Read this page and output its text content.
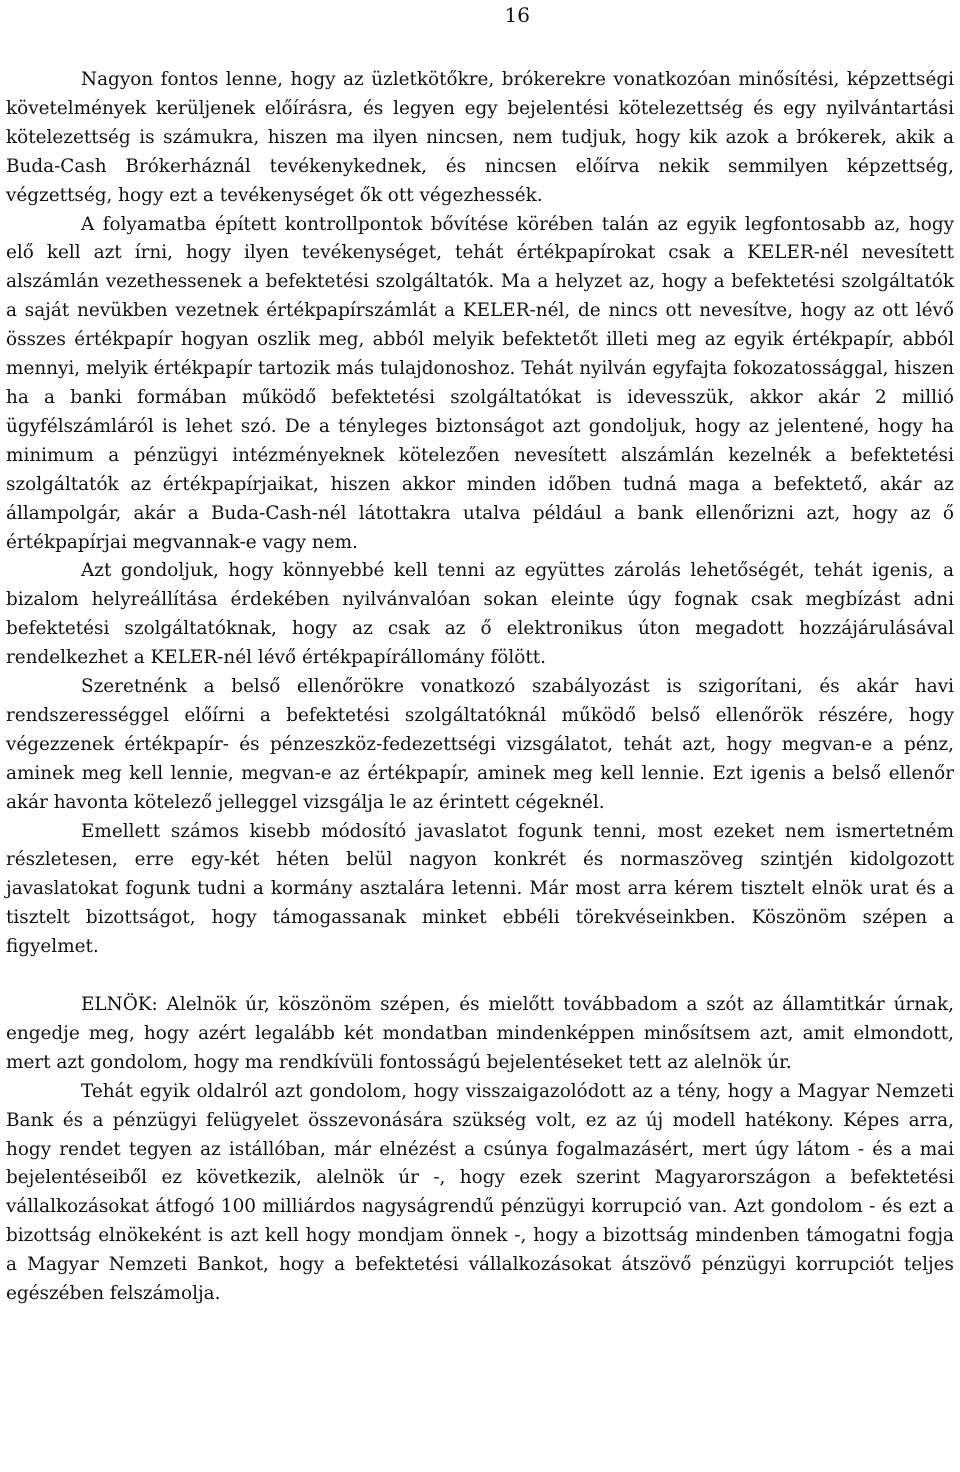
16

Nagyon fontos lenne, hogy az üzletkötőkre, brókerekre vonatkozóan minősítési, képzettségi követelmények kerüljenek előírásra, és legyen egy bejelentési kötelezettség és egy nyilvántartási kötelezettség is számukra, hiszen ma ilyen nincsen, nem tudjuk, hogy kik azok a brókerek, akik a Buda-Cash Brókerháznál tevékenykednek, és nincsen előírva nekik semmilyen képzettség, végzettség, hogy ezt a tevékenységet ők ott végezhessék.

A folyamatba épített kontrollpontok bővítése körében talán az egyik legfontosabb az, hogy elő kell azt írni, hogy ilyen tevékenységet, tehát értékpapírokat csak a KELER-nél nevesített alszámlán vezethessenek a befektetési szolgáltatók. Ma a helyzet az, hogy a befektetési szolgáltatók a saját nevükben vezetnek értékpapírszámlát a KELER-nél, de nincs ott nevesítve, hogy az ott lévő összes értékpapír hogyan oszlik meg, abból melyik befektetőt illeti meg az egyik értékpapír, abból mennyi, melyik értékpapír tartozik más tulajdonoshoz. Tehát nyilván egyfajta fokozatossággal, hiszen ha a banki formában működő befektetési szolgáltatókat is idevesszük, akkor akár 2 millió ügyfélszámláról is lehet szó. De a tényleges biztonságot azt gondoljuk, hogy az jelentené, hogy ha minimum a pénzügyi intézményeknek kötelezően nevesített alszámlán kezelnék a befektetési szolgáltatók az értékpapírjaikat, hiszen akkor minden időben tudná maga a befektető, akár az állampolgár, akár a Buda-Cash-nél látottakra utalva például a bank ellenőrizni azt, hogy az ő értékpapírjai megvannak-e vagy nem.

Azt gondoljuk, hogy könnyebbé kell tenni az együttes zárolás lehetőségét, tehát igenis, a bizalom helyreállítása érdekében nyilvánvalóan sokan eleinte úgy fognak csak megbízást adni befektetési szolgáltatóknak, hogy az csak az ő elektronikus úton megadott hozzájárulásával rendelkezhet a KELER-nél lévő értékpapírállomány fölött.

Szeretnénk a belső ellenőrökre vonatkozó szabályozást is szigorítani, és akár havi rendszerességgel előírni a befektetési szolgáltatóknál működő belső ellenőrök részére, hogy végezzenek értékpapír- és pénzeszköz-fedezettségi vizsgálatot, tehát azt, hogy megvan-e a pénz, aminek meg kell lennie, megvan-e az értékpapír, aminek meg kell lennie. Ezt igenis a belső ellenőr akár havonta kötelező jelleggel vizsgálja le az érintett cégeknél.

Emellett számos kisebb módosító javaslatot fogunk tenni, most ezeket nem ismertetném részletesen, erre egy-két héten belül nagyon konkrét és normaszöveg szintjén kidolgozott javaslatokat fogunk tudni a kormány asztalára letenni. Már most arra kérem tisztelt elnök urat és a tisztelt bizottságot, hogy támogassanak minket ebbéli törekvéseinkben. Köszönöm szépen a figyelmet.

ELNÖK: Alelnök úr, köszönöm szépen, és mielőtt továbbadom a szót az államtitkár úrnak, engedje meg, hogy azért legalább két mondatban mindenképpen minősítsem azt, amit elmondott, mert azt gondolom, hogy ma rendkívüli fontosságú bejelentéseket tett az alelnök úr.

Tehát egyik oldalról azt gondolom, hogy visszaigazolódott az a tény, hogy a Magyar Nemzeti Bank és a pénzügyi felügyelet összevonására szükség volt, ez az új modell hatékony. Képes arra, hogy rendet tegyen az istállóban, már elnézést a csúnya fogalmazásért, mert úgy látom - és a mai bejelentéseiből ez következik, alelnök úr -, hogy ezek szerint Magyarországon a befektetési vállalkozásokat átfogó 100 milliárdos nagyságrendű pénzügyi korrupció van. Azt gondolom - és ezt a bizottság elnökeként is azt kell hogy mondjam önnek -, hogy a bizottság mindenben támogatni fogja a Magyar Nemzeti Bankot, hogy a befektetési vállalkozásokat átszövő pénzügyi korrupciót teljes egészében felszámolja.
